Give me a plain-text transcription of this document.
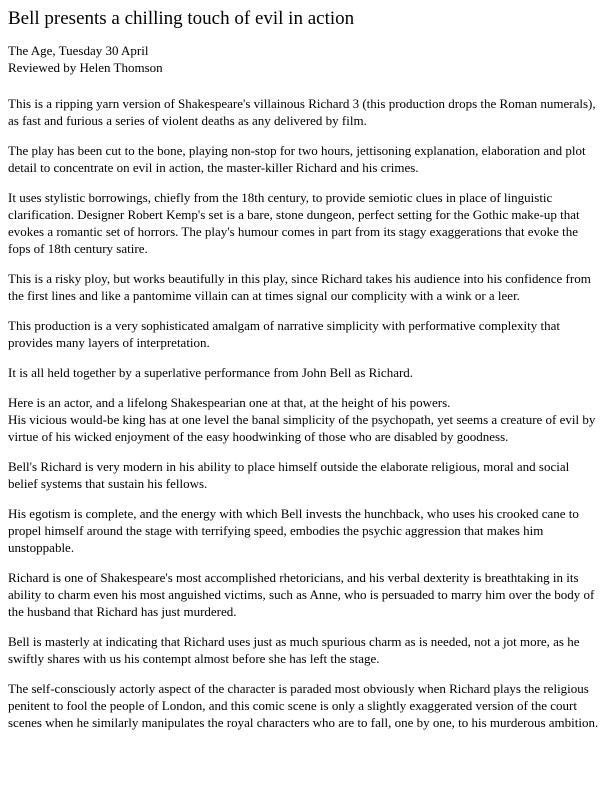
Bell presents a chilling touch of evil in action
The Age, Tuesday 30 April
Reviewed by Helen Thomson

This is a ripping yarn version of Shakespeare's villainous Richard 3 (this production drops the Roman numerals), as fast and furious a series of violent deaths as any delivered by film.

The play has been cut to the bone, playing non-stop for two hours, jettisoning explanation, elaboration and plot detail to concentrate on evil in action, the master-killer Richard and his crimes.

It uses stylistic borrowings, chiefly from the 18th century, to provide semiotic clues in place of linguistic clarification. Designer Robert Kemp's set is a bare, stone dungeon, perfect setting for the Gothic make-up that evokes a romantic set of horrors. The play's humour comes in part from its stagy exaggerations that evoke the fops of 18th century satire.

This is a risky ploy, but works beautifully in this play, since Richard takes his audience into his confidence from the first lines and like a pantomime villain can at times signal our complicity with a wink or a leer.

This production is a very sophisticated amalgam of narrative simplicity with performative complexity that provides many layers of interpretation.

It is all held together by a superlative performance from John Bell as Richard.

Here is an actor, and a lifelong Shakespearian one at that, at the height of his powers.
His vicious would-be king has at one level the banal simplicity of the psychopath, yet seems a creature of evil by virtue of his wicked enjoyment of the easy hoodwinking of those who are disabled by goodness.

Bell's Richard is very modern in his ability to place himself outside the elaborate religious, moral and social belief systems that sustain his fellows.

His egotism is complete, and the energy with which Bell invests the hunchback, who uses his crooked cane to propel himself around the stage with terrifying speed, embodies the psychic aggression that makes him unstoppable.

Richard is one of Shakespeare's most accomplished rhetoricians, and his verbal dexterity is breathtaking in its ability to charm even his most anguished victims, such as Anne, who is persuaded to marry him over the body of the husband that Richard has just murdered.

Bell is masterly at indicating that Richard uses just as much spurious charm as is needed, not a jot more, as he swiftly shares with us his contempt almost before she has left the stage.

The self-consciously actorly aspect of the character is paraded most obviously when Richard plays the religious penitent to fool the people of London, and this comic scene is only a slightly exaggerated version of the court scenes when he similarly manipulates the royal characters who are to fall, one by one, to his murderous ambition.
